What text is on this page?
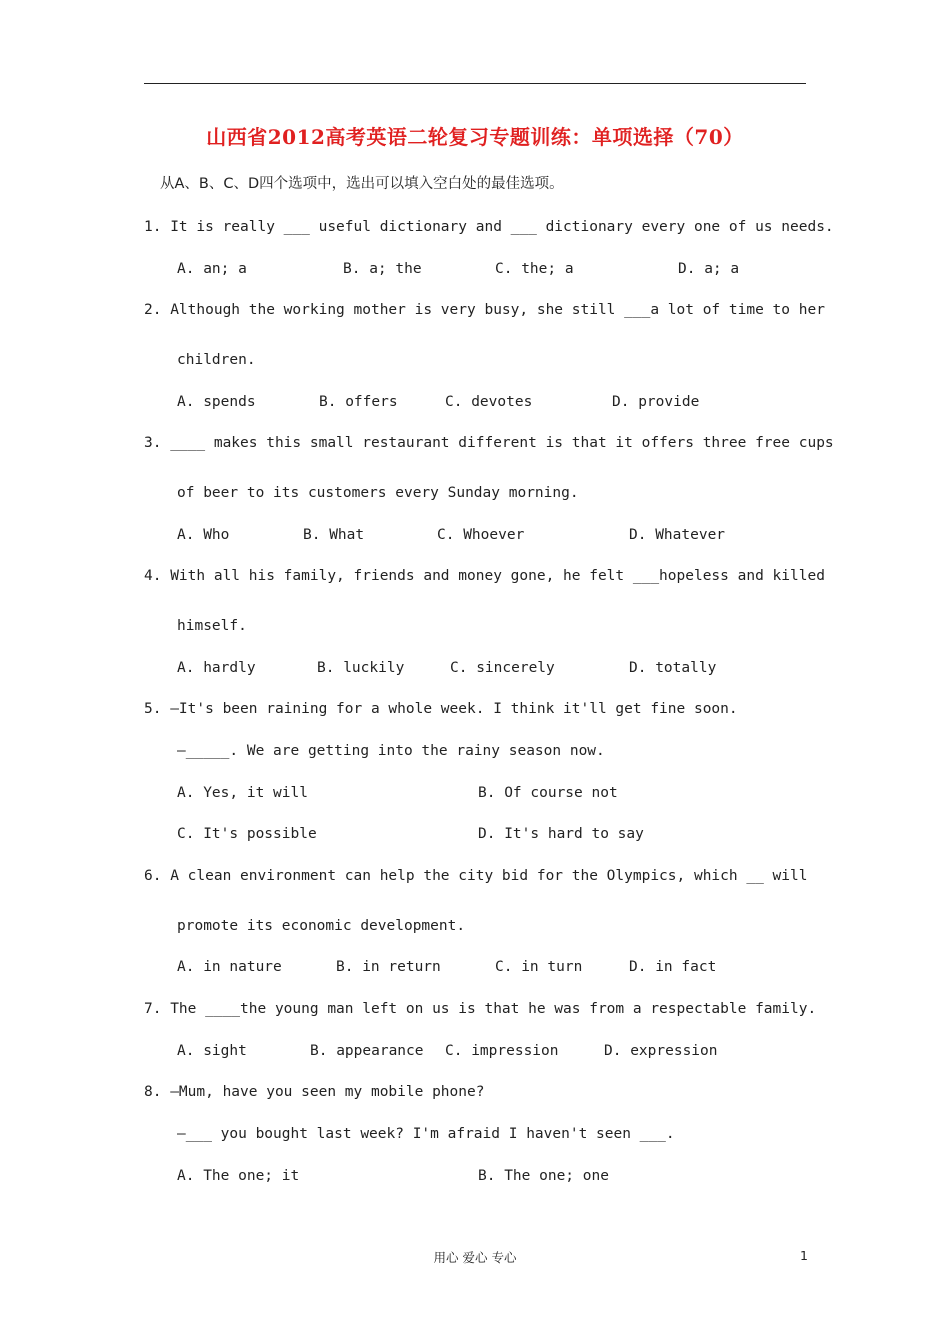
山西省2012高考英语二轮复习专题训练：单项选择（70）
从A、B、C、D四个选项中，选出可以填入空白处的最佳选项。
1. It is really ___ useful dictionary and ___ dictionary every one of us needs.
A. an; a	B. a; the	C. the; a	D. a; a
2. Although the working mother is very busy, she still ___a lot of time to her
children.
A. spends	B. offers	C. devotes	D. provide
3. ____ makes this small restaurant different is that it offers three free cups
of beer to its customers every Sunday morning.
A. Who	B. What	C. Whoever	D. Whatever
4. With all his family, friends and money gone, he felt ___hopeless and killed
himself.
A. hardly	B. luckily	C. sincerely	D. totally
5. —It's been raining for a whole week. I think it'll get fine soon.
—_____. We are getting into the rainy season now.
A. Yes, it will	B. Of course not
C. It's possible	D. It's hard to say
6. A clean environment can help the city bid for the Olympics, which __ will
promote its economic development.
A. in nature	B. in return	C. in turn	D. in fact
7. The ____the young man left on us is that he was from a respectable family.
A. sight	B. appearance C. impression	D. expression
8. —Mum, have you seen my mobile phone?
—___ you bought last week? I'm afraid I haven't seen ___.
A. The one; it	B. The one; one
用心 爱心 专心	1
